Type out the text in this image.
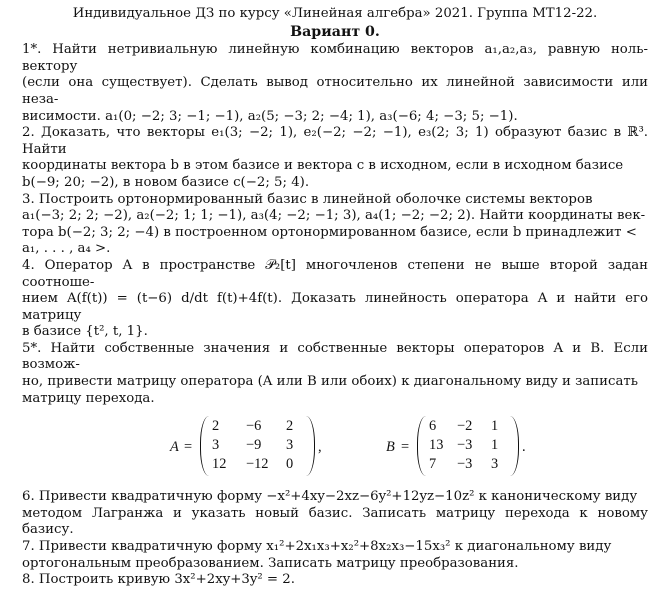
Индивидуальное ДЗ по курсу «Линейная алгебра» 2021. Группа МТ12-22.
Вариант 0.
1*. Найти нетривиальную линейную комбинацию векторов a₁,a₂,a₃, равную ноль-вектору
(если она существует). Сделать вывод относительно их линейной зависимости или неза-
висимости. a₁(0; −2; 3; −1; −1), a₂(5; −3; 2; −4; 1), a₃(−6; 4; −3; 5; −1).
2. Доказать, что векторы e₁(3; −2; 1), e₂(−2; −2; −1), e₃(2; 3; 1) образуют базис в ℝ³. Найти
координаты вектора b в этом базисе и вектора c в исходном, если в исходном базисе
b(−9; 20; −2), в новом базисе c(−2; 5; 4).
3. Построить ортонормированный базис в линейной оболочке системы векторов
a₁(−3; 2; 2; −2), a₂(−2; 1; 1; −1), a₃(4; −2; −1; 3), a₄(1; −2; −2; 2). Найти координаты век-
тора b(−2; 3; 2; −4) в построенном ортонормированном базисе, если b принадлежит <
a₁, . . . , a₄ >.
4. Оператор A в пространстве 𝒫₂[t] многочленов степени не выше второй задан соотноше-
нием A(f(t)) = (t−6) d/dt f(t)+4f(t). Доказать линейность оператора A и найти его матрицу
в базисе {t², t, 1}.
5*. Найти собственные значения и собственные векторы операторов A и B. Если возмож-
но, привести матрицу оператора (A или B или обоих) к диагональному виду и записать
матрицу перехода.
A =
2	−6	2
3	−9	3
12	−12	0
,	B =
6	−2	1
13 −3	1
7	−3	3
.
6. Привести квадратичную форму −x²+4xy−2xz−6y²+12yz−10z² к каноническому виду
методом Лагранжа и указать новый базис. Записать матрицу перехода к новому базису.
7. Привести квадратичную форму x₁²+2x₁x₃+x₂²+8x₂x₃−15x₃² к диагональному виду
ортогональным преобразованием. Записать матрицу преобразования.
8. Построить кривую 3x²+2xy+3y² = 2.
